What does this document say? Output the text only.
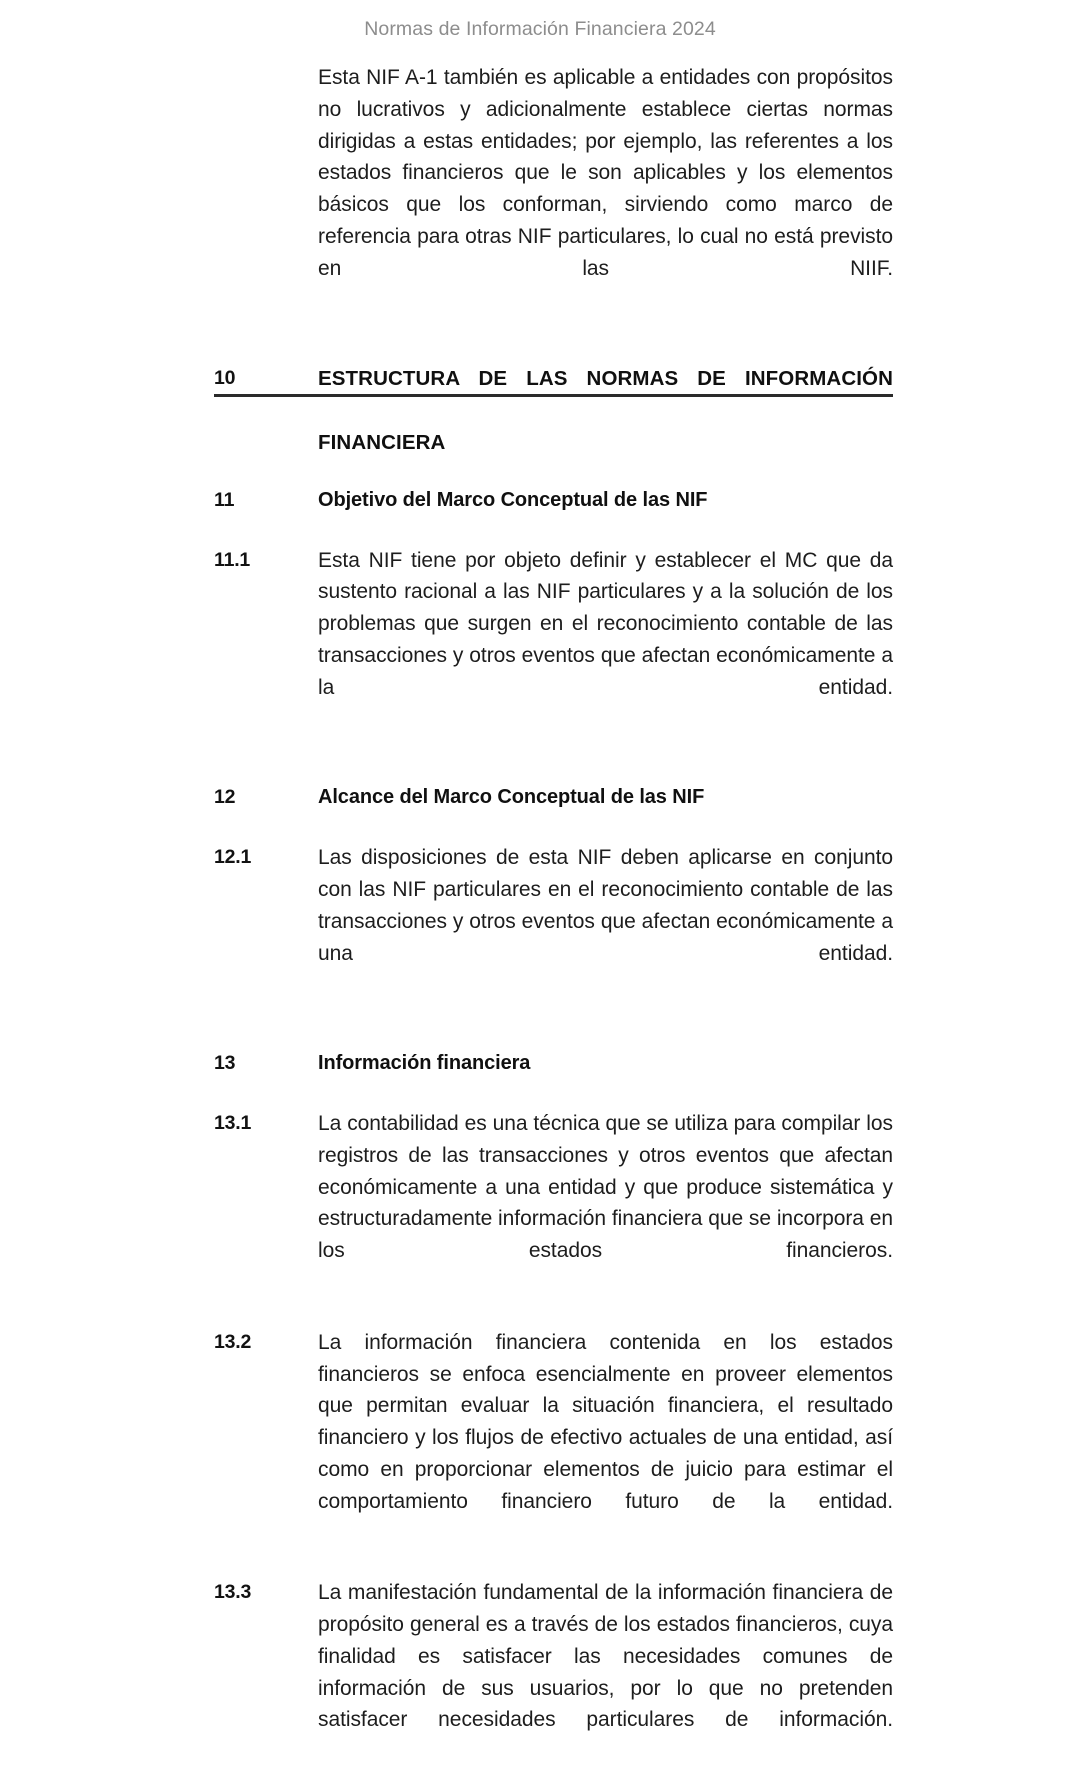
Normas de Información Financiera 2024

Esta NIF A-1 también es aplicable a entidades con propósitos no lucrativos y adicionalmente establece ciertas normas dirigidas a estas entidades; por ejemplo, las referentes a los estados financieros que le son aplicables y los elementos básicos que los conforman, sirviendo como marco de referencia para otras NIF particulares, lo cual no está previsto en las NIIF.

10	ESTRUCTURA DE LAS NORMAS DE INFORMACIÓN
FINANCIERA
11	Objetivo del Marco Conceptual de las NIF

11.1	Esta NIF tiene por objeto definir y establecer el MC que da sustento racional a las NIF particulares y a la solución de los problemas que surgen en el reconocimiento contable de las transacciones y otros eventos que afectan económicamente a la entidad.

12	Alcance del Marco Conceptual de las NIF

12.1	Las disposiciones de esta NIF deben aplicarse en conjunto con las NIF particulares en el reconocimiento contable de las transacciones y otros eventos que afectan económicamente a una entidad.

13	Información financiera

13.1	La contabilidad es una técnica que se utiliza para compilar los registros de las transacciones y otros eventos que afectan económicamente a una entidad y que produce sistemática y estructuradamente información financiera que se incorpora en los estados financieros.

13.2	La información financiera contenida en los estados financieros se enfoca esencialmente en proveer elementos que permitan evaluar la situación financiera, el resultado financiero y los flujos de efectivo actuales de una entidad, así como en proporcionar elementos de juicio para estimar el comportamiento financiero futuro de la entidad.

13.3	La manifestación fundamental de la información financiera de propósito general es a través de los estados financieros, cuya finalidad es satisfacer las necesidades comunes de información de sus usuarios, por lo que no pretenden satisfacer necesidades particulares de información.
